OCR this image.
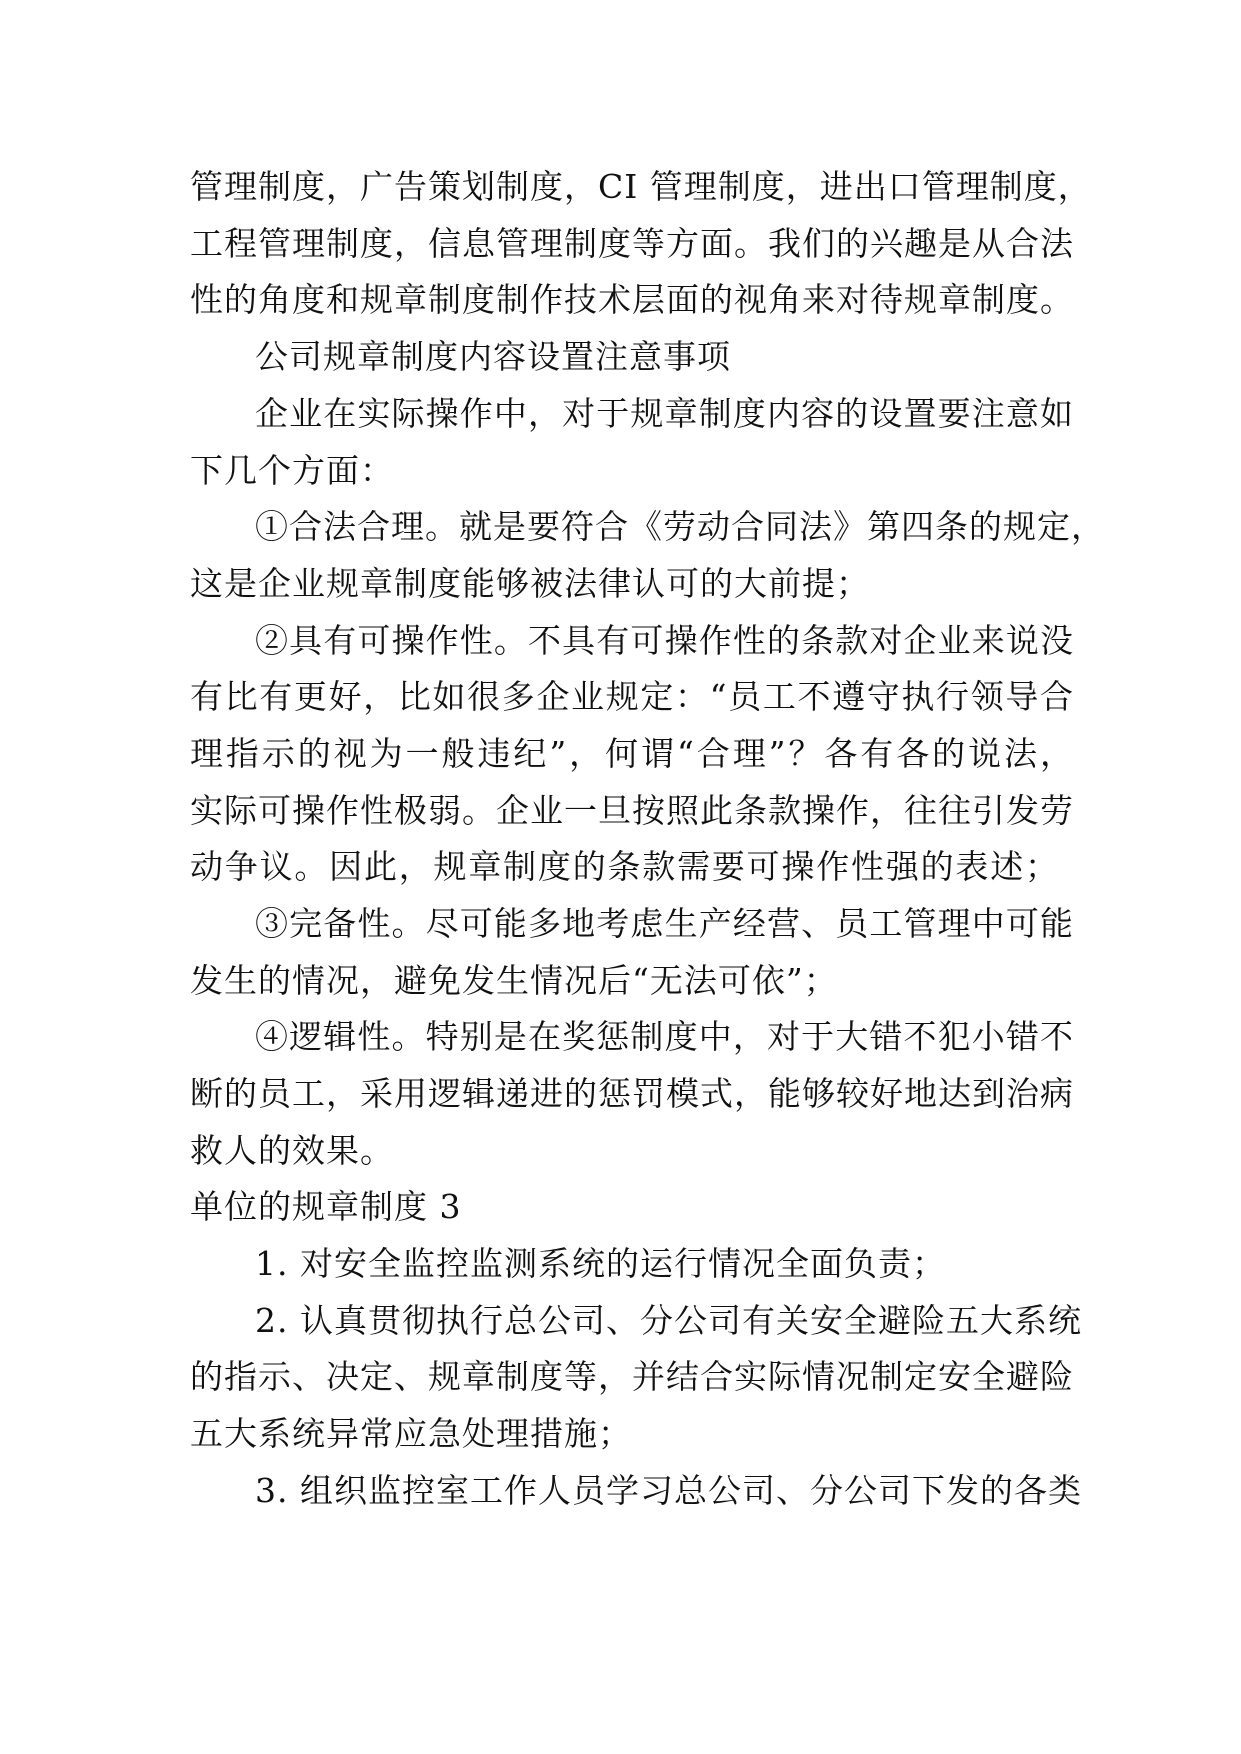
管理制度，广告策划制度，CI 管理制度，进出口管理制度，
工程管理制度，信息管理制度等方面。我们的兴趣是从合法
性的角度和规章制度制作技术层面的视角来对待规章制度。
公司规章制度内容设置注意事项
企业在实际操作中，对于规章制度内容的设置要注意如
下几个方面：
①合法合理。就是要符合《劳动合同法》第四条的规定，
这是企业规章制度能够被法律认可的大前提；
②具有可操作性。不具有可操作性的条款对企业来说没
有比有更好，比如很多企业规定：“员工不遵守执行领导合
理指示的视为一般违纪”，何谓“合理”？各有各的说法，
实际可操作性极弱。企业一旦按照此条款操作，往往引发劳
动争议。因此，规章制度的条款需要可操作性强的表述；
③完备性。尽可能多地考虑生产经营、员工管理中可能
发生的情况，避免发生情况后“无法可依”；
④逻辑性。特别是在奖惩制度中，对于大错不犯小错不
断的员工，采用逻辑递进的惩罚模式，能够较好地达到治病
救人的效果。
单位的规章制度 3
1. 对安全监控监测系统的运行情况全面负责；
2. 认真贯彻执行总公司、分公司有关安全避险五大系统
的指示、决定、规章制度等，并结合实际情况制定安全避险
五大系统异常应急处理措施；
3. 组织监控室工作人员学习总公司、分公司下发的各类
